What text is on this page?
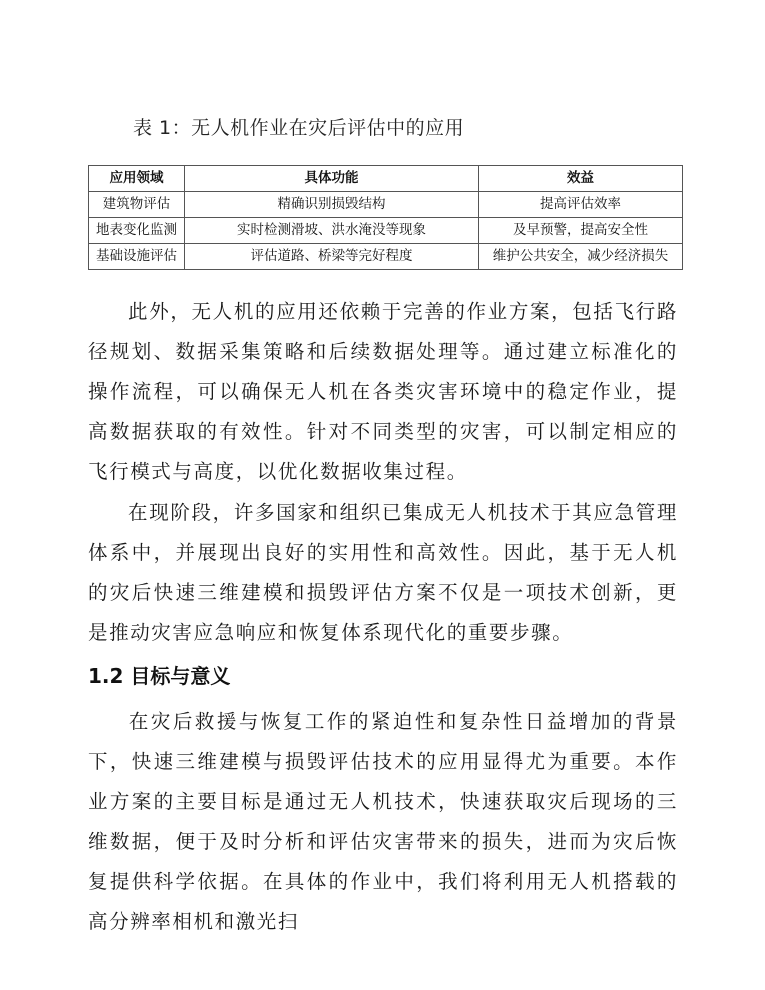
表 1：无人机作业在灾后评估中的应用
应用领域	具体功能	效益
建筑物评估	精确识别损毁结构	提高评估效率
地表变化监测	实时检测滑坡、洪水淹没等现象	及早预警，提高安全性
基础设施评估	评估道路、桥梁等完好程度	维护公共安全，减少经济损失

此外，无人机的应用还依赖于完善的作业方案，包括飞行路径规划、数据采集策略和后续数据处理等。通过建立标准化的操作流程，可以确保无人机在各类灾害环境中的稳定作业，提高数据获取的有效性。针对不同类型的灾害，可以制定相应的飞行模式与高度，以优化数据收集过程。

在现阶段，许多国家和组织已集成无人机技术于其应急管理体系中，并展现出良好的实用性和高效性。因此，基于无人机的灾后快速三维建模和损毁评估方案不仅是一项技术创新，更是推动灾害应急响应和恢复体系现代化的重要步骤。

1.2 目标与意义

在灾后救援与恢复工作的紧迫性和复杂性日益增加的背景下，快速三维建模与损毁评估技术的应用显得尤为重要。本作业方案的主要目标是通过无人机技术，快速获取灾后现场的三维数据，便于及时分析和评估灾害带来的损失，进而为灾后恢复提供科学依据。在具体的作业中，我们将利用无人机搭载的高分辨率相机和激光扫
